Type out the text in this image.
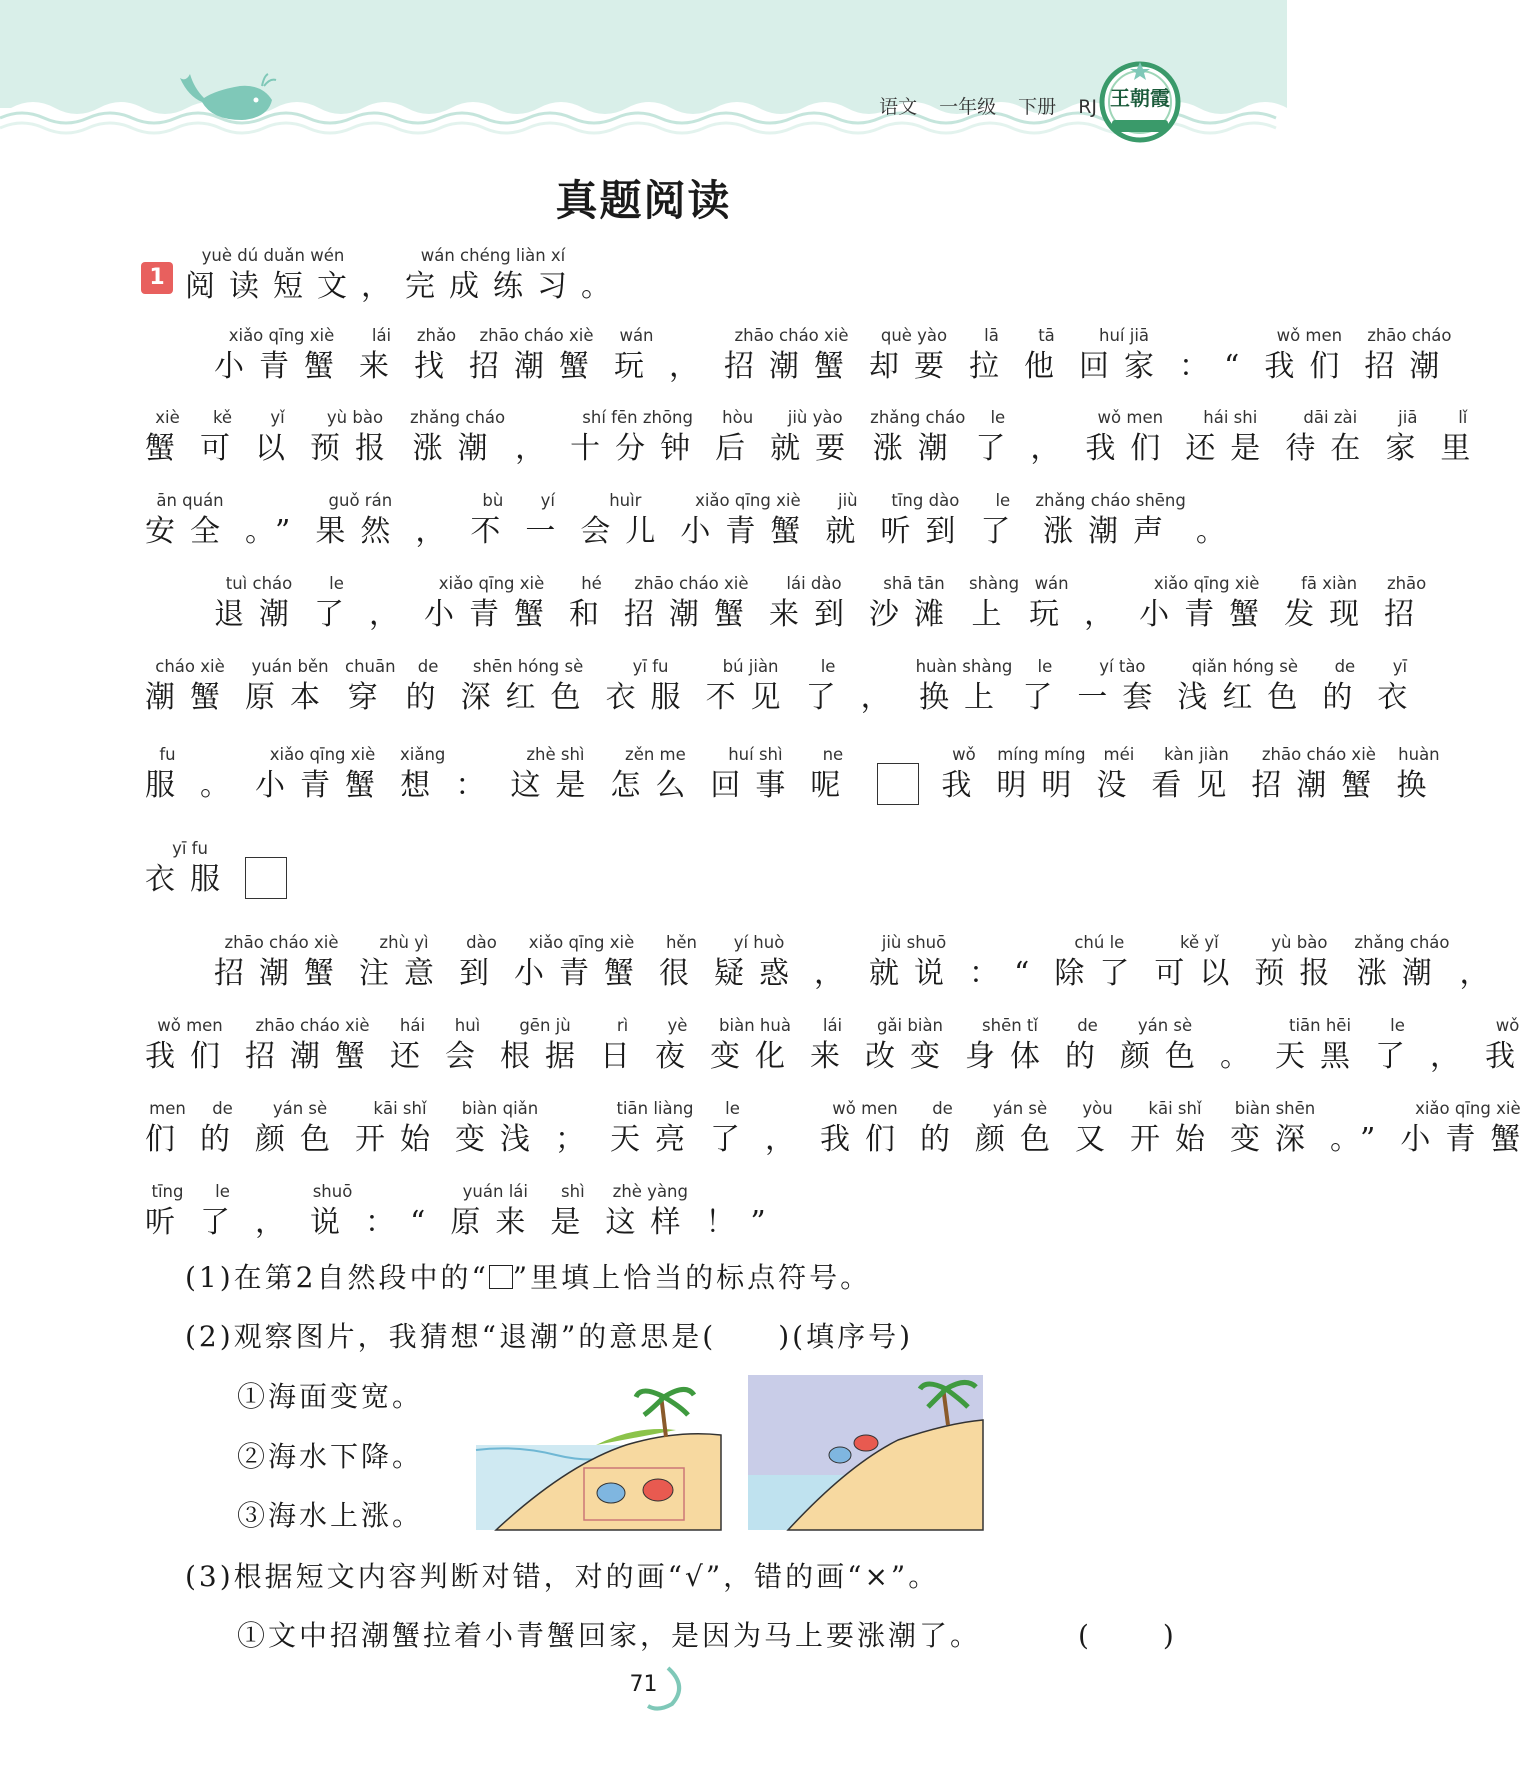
语文 一年级 下册 RJ 王朝霞
真题阅读
1
yuè dú duǎn wén
阅读短文 ，
wán chéng liàn xí
完成练习 。
xiǎo qīng xiè
小青蟹
lái
来
zhǎo
找
zhāo cháo xiè
招潮蟹
wán
玩 ，
zhāo cháo xiè
招潮蟹
què yào
却要
lā
拉
tā
他
huí jiā
回家 ：“
wǒ men
我们
zhāo cháo
招潮
xiè
蟹
kě
可
yǐ
以
yù bào
预报
zhǎng cháo
涨潮 ，
shí fēn zhōng
十分钟
hòu
后
jiù yào
就要
zhǎng cháo
涨潮
le
了 ，
wǒ men
我们
hái shi
还是
dāi zài
待在
jiā
家
lǐ
里
ān quán
安全 。”
guǒ rán
果然 ，
bù
不
yí
一
huìr
会儿
xiǎo qīng xiè
小青蟹
jiù
就
tīng dào
听到
le
了
zhǎng cháo shēng
涨潮声 。
tuì cháo
退潮
le
了 ，
xiǎo qīng xiè
小青蟹
hé
和
zhāo cháo xiè
招潮蟹
lái dào
来到
shā tān
沙滩
shàng
上
wán
玩 ，
xiǎo qīng xiè
小青蟹
fā xiàn
发现
zhāo
招
cháo xiè
潮蟹
yuán běn
原本
chuān
穿
de
的
shēn hóng sè
深红色
yī fu
衣服
bú jiàn
不见
le
了 ，
huàn shàng
换上
le
了
yí tào
一套
qiǎn hóng sè
浅红色
de
的
yī
衣
fu
服 。
xiǎo qīng xiè
小青蟹
xiǎng
想 ：
zhè shì
这是
zěn me
怎么
huí shì
回事
ne
呢
wǒ
我
míng míng
明明
méi
没
kàn jiàn
看见
zhāo cháo xiè
招潮蟹
huàn
换
yī fu
衣服
zhāo cháo xiè
招潮蟹
zhù yì
注意
dào
到
xiǎo qīng xiè
小青蟹
hěn
很
yí huò
疑惑 ，
jiù shuō
就说 ：“
chú le
除了
kě yǐ
可以
yù bào
预报
zhǎng cháo
涨潮 ，
wǒ men
我们
zhāo cháo xiè
招潮蟹
hái
还
huì
会
gēn jù
根据
rì
日
yè
夜
biàn huà
变化
lái
来
gǎi biàn
改变
shēn tǐ
身体
de
的
yán sè
颜色 。
tiān hēi
天黑
le
了 ，
wǒ
我
men
们
de
的
yán sè
颜色
kāi shǐ
开始
biàn qiǎn
变浅 ；
tiān liàng
天亮
le
了 ，
wǒ men
我们
de
的
yán sè
颜色
yòu
又
kāi shǐ
开始
biàn shēn
变深 。”
xiǎo qīng xiè
小青蟹
tīng
听
le
了 ，
shuō
说 ：“
yuán lái
原来
shì
是
zhè yàng
这样 ！”
(1)在第2自然段中的“ ”里填上恰当的标点符号。
(2)观察图片，我猜想“退潮”的意思是(　　)(填序号)
①海面变宽。
②海水下降。
③海水上涨。
(3)根据短文内容判断对错，对的画“√”，错的画“×”。
①文中招潮蟹拉着小青蟹回家，是因为马上要涨潮了。	(　　)
71
